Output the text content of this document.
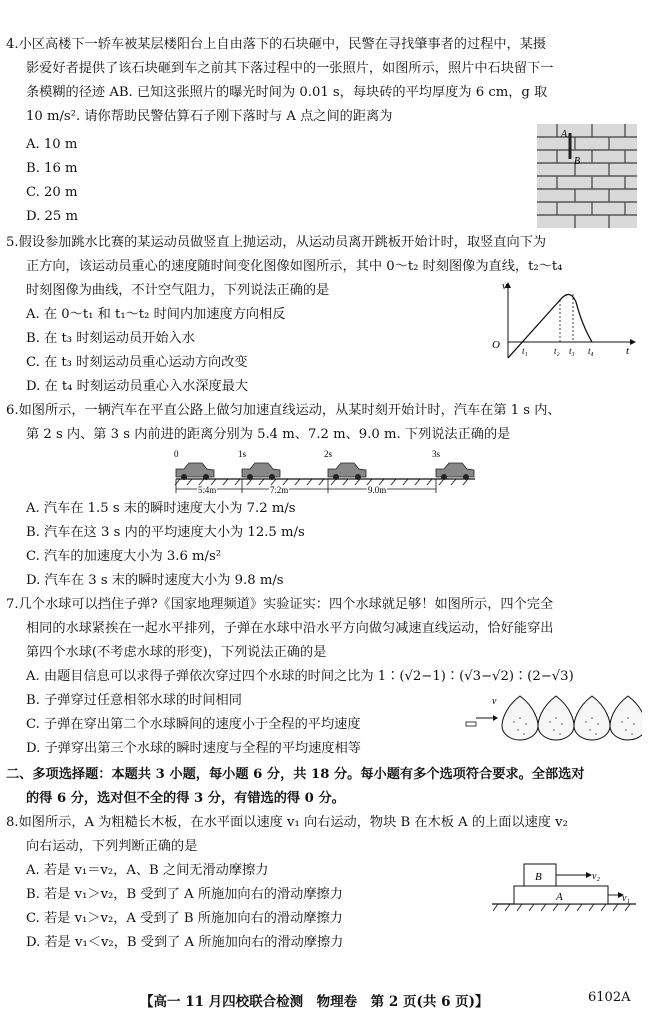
4.小区高楼下一轿车被某层楼阳台上自由落下的石块砸中，民警在寻找肇事者的过程中，某摄
影爱好者提供了该石块砸到车之前其下落过程中的一张照片，如图所示，照片中石块留下一
条模糊的径迹 AB. 已知这张照片的曝光时间为 0.01 s，每块砖的平均厚度为 6 cm，g 取
10 m/s². 请你帮助民警估算石子刚下落时与 A 点之间的距离为
A. 10 m
B. 16 m
C. 20 m
D. 25 m
A
B
5.假设参加跳水比赛的某运动员做竖直上抛运动，从运动员离开跳板开始计时，取竖直向下为
正方向，该运动员重心的速度随时间变化图像如图所示，其中 0～t₂ 时刻图像为直线，t₂～t₄
时刻图像为曲线，不计空气阻力，下列说法正确的是
A. 在 0～t₁ 和 t₁～t₂ 时间内加速度方向相反
B. 在 t₃ 时刻运动员开始入水
C. 在 t₃ 时刻运动员重心运动方向改变
D. 在 t₄ 时刻运动员重心入水深度最大
v
O	t
t₁	t₂ t₃ t₄
6.如图所示，一辆汽车在平直公路上做匀加速直线运动，从某时刻开始计时，汽车在第 1 s 内、
第 2 s 内、第 3 s 内前进的距离分别为 5.4 m、7.2 m、9.0 m. 下列说法正确的是
0	1s	2s	3s
5.4m	7.2m	9.0m
A. 汽车在 1.5 s 末的瞬时速度大小为 7.2 m/s
B. 汽车在这 3 s 内的平均速度大小为 12.5 m/s
C. 汽车的加速度大小为 3.6 m/s²
D. 汽车在 3 s 末的瞬时速度大小为 9.8 m/s
7.几个水球可以挡住子弹?《国家地理频道》实验证实：四个水球就足够！如图所示，四个完全
相同的水球紧挨在一起水平排列，子弹在水球中沿水平方向做匀减速直线运动，恰好能穿出
第四个水球(不考虑水球的形变)，下列说法正确的是
A. 由题目信息可以求得子弹依次穿过四个水球的时间之比为 1∶(√2−1)∶(√3−√2)∶(2−√3)
B. 子弹穿过任意相邻水球的时间相同
C. 子弹在穿出第二个水球瞬间的速度小于全程的平均速度
D. 子弹穿出第三个水球的瞬时速度与全程的平均速度相等
v
二、多项选择题：本题共 3 小题，每小题 6 分，共 18 分。每小题有多个选项符合要求。全部选对
的得 6 分，选对但不全的得 3 分，有错选的得 0 分。
8.如图所示，A 为粗糙长木板，在水平面以速度 v₁ 向右运动，物块 B 在木板 A 的上面以速度 v₂
向右运动，下列判断正确的是
A. 若是 v₁＝v₂，A、B 之间无滑动摩擦力
B. 若是 v₁＞v₂，B 受到了 A 所施加向右的滑动摩擦力
C. 若是 v₁＞v₂，A 受到了 B 所施加向右的滑动摩擦力
D. 若是 v₁＜v₂，B 受到了 A 所施加向右的滑动摩擦力
A
B	v₂
v₁
【高一 11 月四校联合检测　物理卷　第 2 页(共 6 页)】	6102A
